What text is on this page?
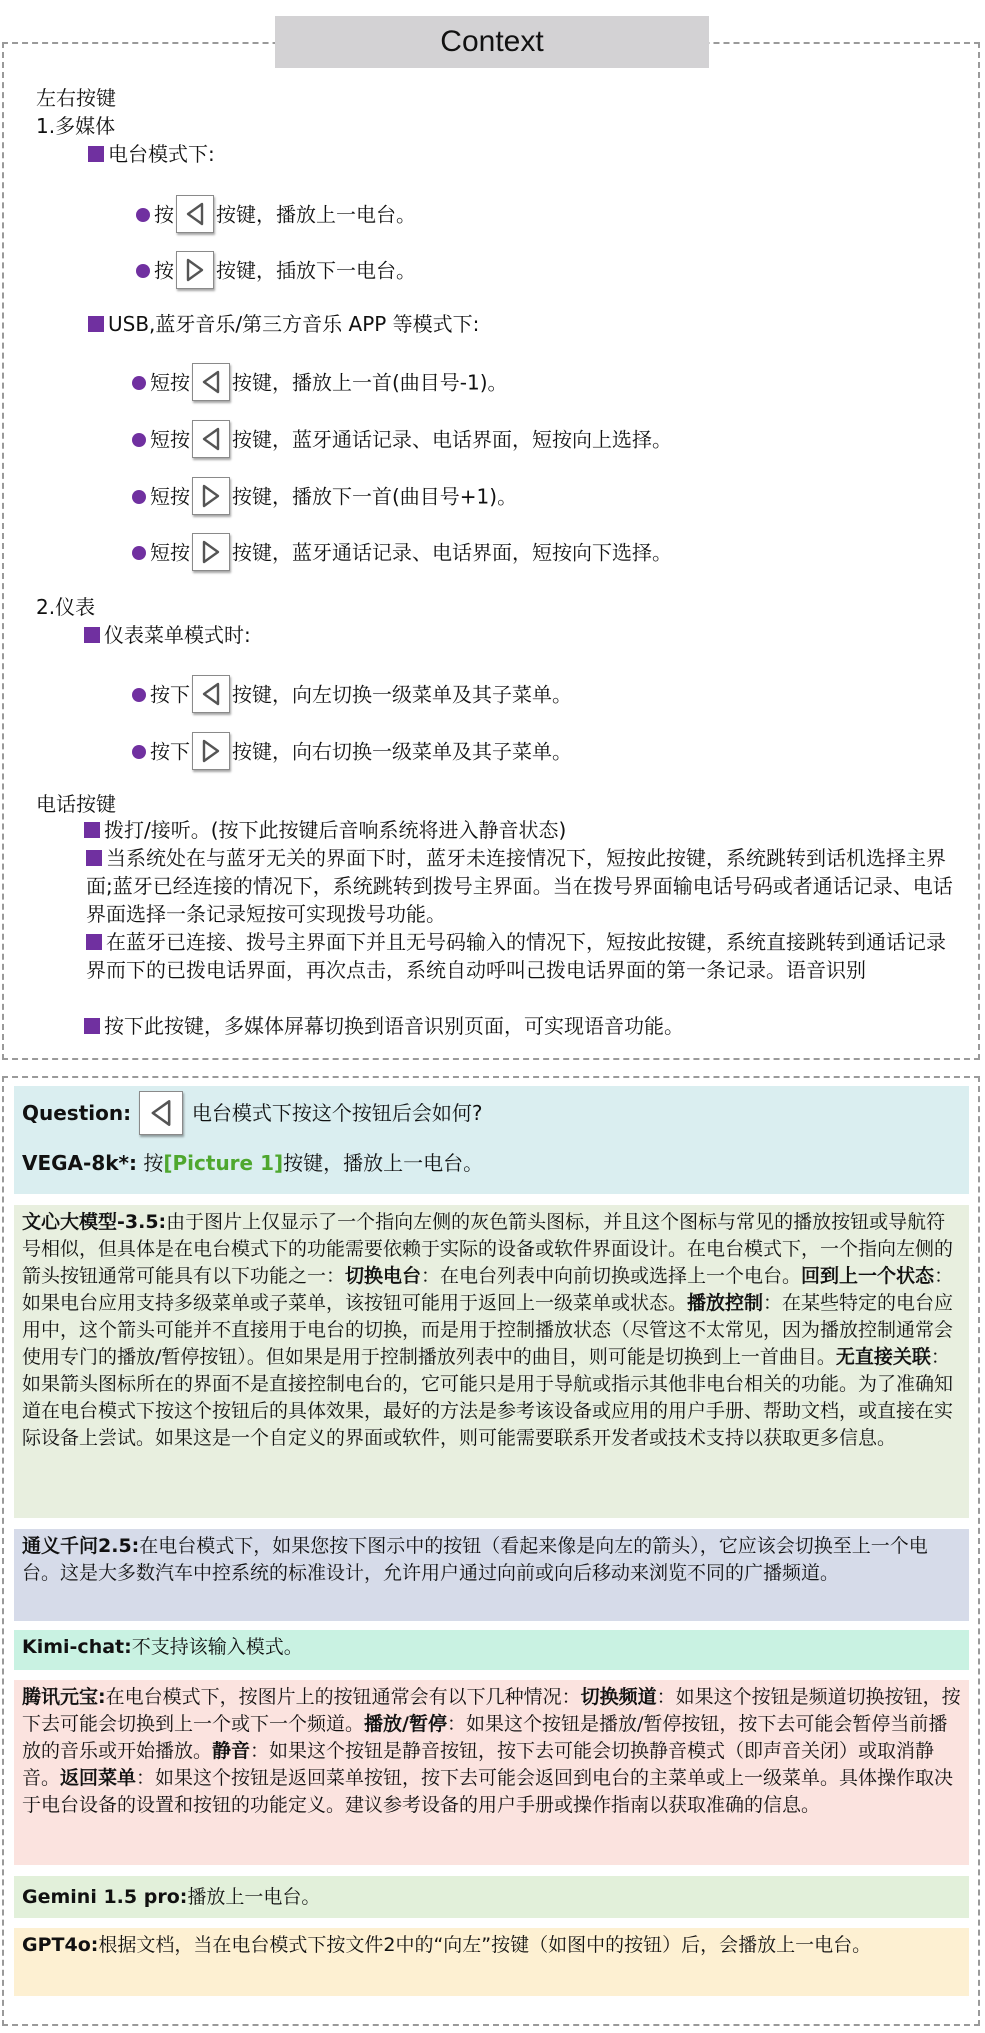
Context
左右按键
1.多媒体
电台模式下:
按 按键，播放上一电台。
按 按键，插放下一电台。
USB,蓝牙音乐/第三方音乐 APP 等模式下:
短按 按键，播放上一首(曲目号-1)。
短按 按键，蓝牙通话记录、电话界面，短按向上选择。
短按 按键，播放下一首(曲目号+1)。
短按 按键，蓝牙通话记录、电话界面，短按向下选择。
2.仪表
仪表菜单模式时:
按下 按键，向左切换一级菜单及其子菜单。
按下 按键，向右切换一级菜单及其子菜单。
电话按键
拨打/接听。(按下此按键后音响系统将进入静音状态)
当系统处在与蓝牙无关的界面下时，蓝牙未连接情况下，短按此按键，系统跳转到话机选择主界面;蓝牙已经连接的情况下，系统跳转到拨号主界面。当在拨号界面输电话号码或者通话记录、电话界面选择一条记录短按可实现拨号功能。
在蓝牙已连接、拨号主界面下并且无号码输入的情况下，短按此按键，系统直接跳转到通话记录界而下的已拨电话界面，再次点击，系统自动呼叫己拨电话界面的第一条记录。语音识别
按下此按键，多媒体屏幕切换到语音识别页面，可实现语音功能。
Question:	电台模式下按这个按钮后会如何?
VEGA-8k*: 按[Picture 1]按键，播放上一电台。
文心大模型-3.5:由于图片上仅显示了一个指向左侧的灰色箭头图标，并且这个图标与常见的播放按钮或导航符号相似，但具体是在电台模式下的功能需要依赖于实际的设备或软件界面设计。在电台模式下，一个指向左侧的箭头按钮通常可能具有以下功能之一：切换电台：在电台列表中向前切换或选择上一个电台。回到上一个状态：如果电台应用支持多级菜单或子菜单，该按钮可能用于返回上一级菜单或状态。播放控制：在某些特定的电台应用中，这个箭头可能并不直接用于电台的切换，而是用于控制播放状态（尽管这不太常见，因为播放控制通常会使用专门的播放/暂停按钮）。但如果是用于控制播放列表中的曲目，则可能是切换到上一首曲目。无直接关联：如果箭头图标所在的界面不是直接控制电台的，它可能只是用于导航或指示其他非电台相关的功能。为了准确知道在电台模式下按这个按钮后的具体效果，最好的方法是参考该设备或应用的用户手册、帮助文档，或直接在实际设备上尝试。如果这是一个自定义的界面或软件，则可能需要联系开发者或技术支持以获取更多信息。
通义千问2.5:在电台模式下，如果您按下图示中的按钮（看起来像是向左的箭头），它应该会切换至上一个电台。这是大多数汽车中控系统的标准设计，允许用户通过向前或向后移动来浏览不同的广播频道。
Kimi-chat:不支持该输入模式。
腾讯元宝:在电台模式下，按图片上的按钮通常会有以下几种情况：切换频道：如果这个按钮是频道切换按钮，按下去可能会切换到上一个或下一个频道。播放/暂停：如果这个按钮是播放/暂停按钮，按下去可能会暂停当前播放的音乐或开始播放。静音：如果这个按钮是静音按钮，按下去可能会切换静音模式（即声音关闭）或取消静音。返回菜单：如果这个按钮是返回菜单按钮，按下去可能会返回到电台的主菜单或上一级菜单。具体操作取决于电台设备的设置和按钮的功能定义。建议参考设备的用户手册或操作指南以获取准确的信息。
Gemini 1.5 pro:播放上一电台。
GPT4o:根据文档，当在电台模式下按文件2中的“向左”按键（如图中的按钮）后，会播放上一电台。
